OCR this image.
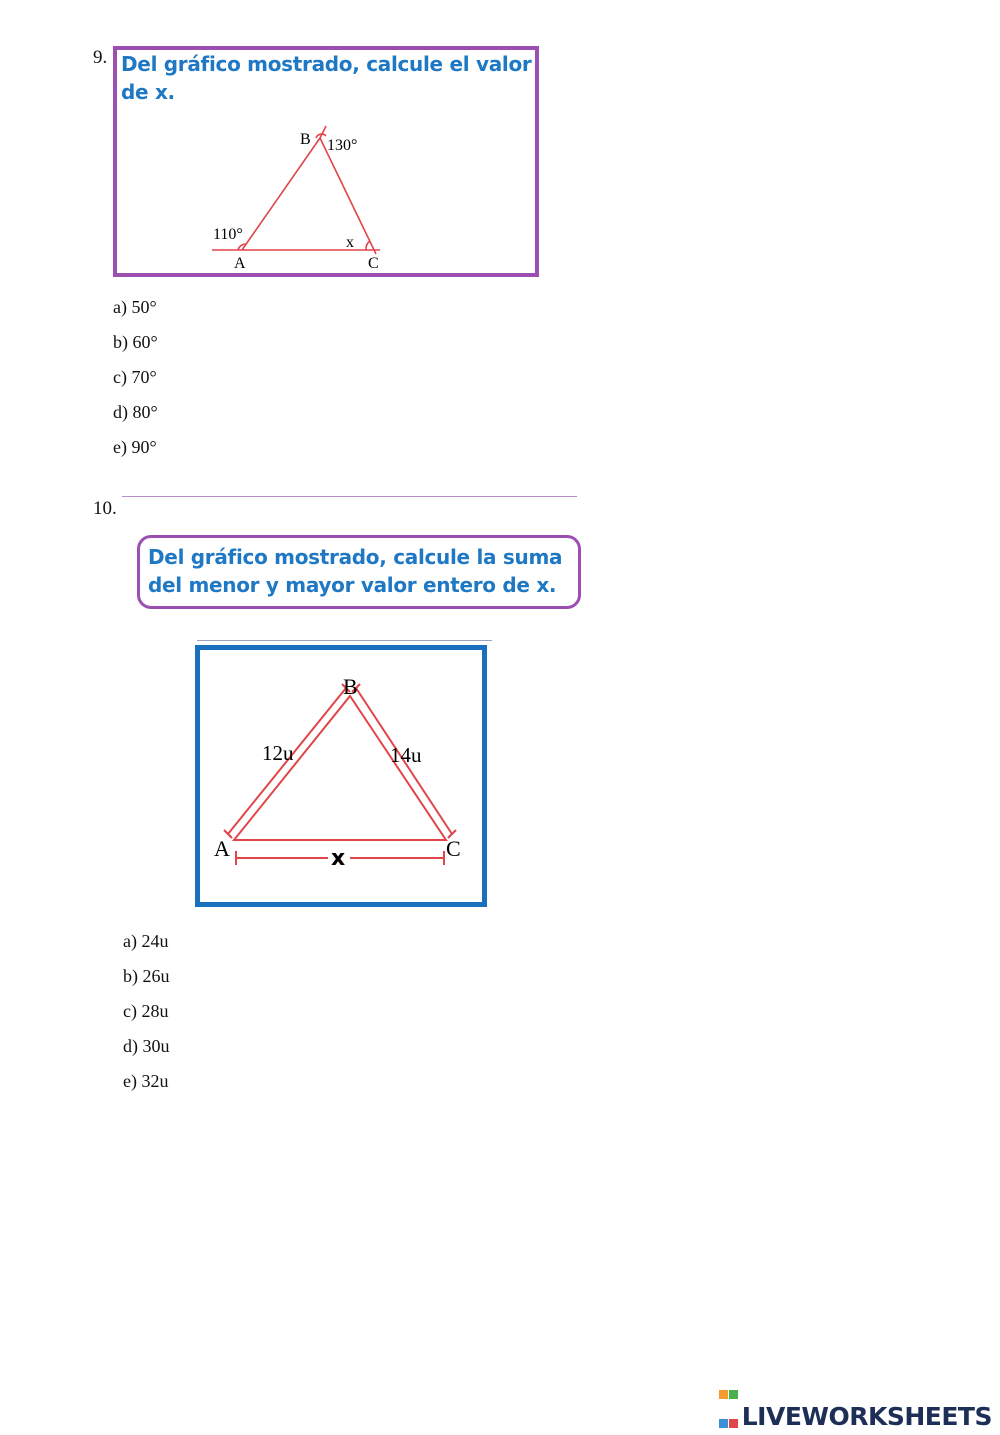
9. Del gráfico mostrado, calcule el valor de x.
B 130°
110°	x
A	C
a) 50°
b) 60°
c) 70°
d) 80°
e) 90°
10.
Del gráfico mostrado, calcule la suma del menor y mayor valor entero de x.
B
12u	14u
A	C
x
a) 24u
b) 26u
c) 28u
d) 30u
e) 32u

LIVEWORKSHEETS
